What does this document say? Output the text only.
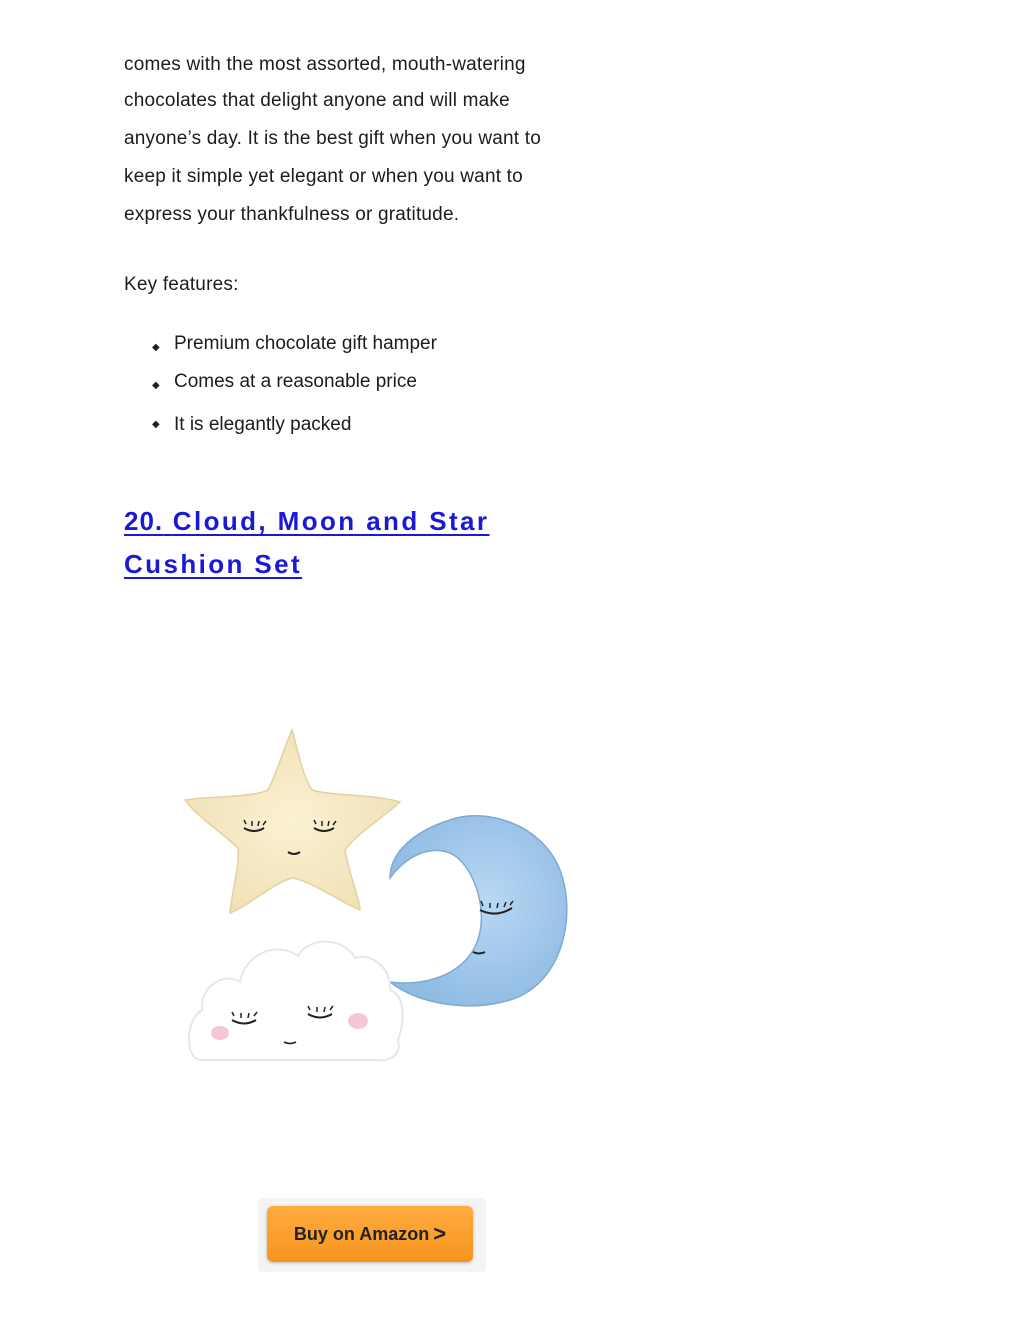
comes with the most assorted, mouth-watering
chocolates that delight anyone and will make
anyone’s day. It is the best gift when you want to
keep it simple yet elegant or when you want to
express your thankfulness or gratitude.
Key features:
◆ Premium chocolate gift hamper
◆ Comes at a reasonable price
◆ It is elegantly packed
20. Cloud, Moon and Star
Cushion Set
Buy on Amazon >
